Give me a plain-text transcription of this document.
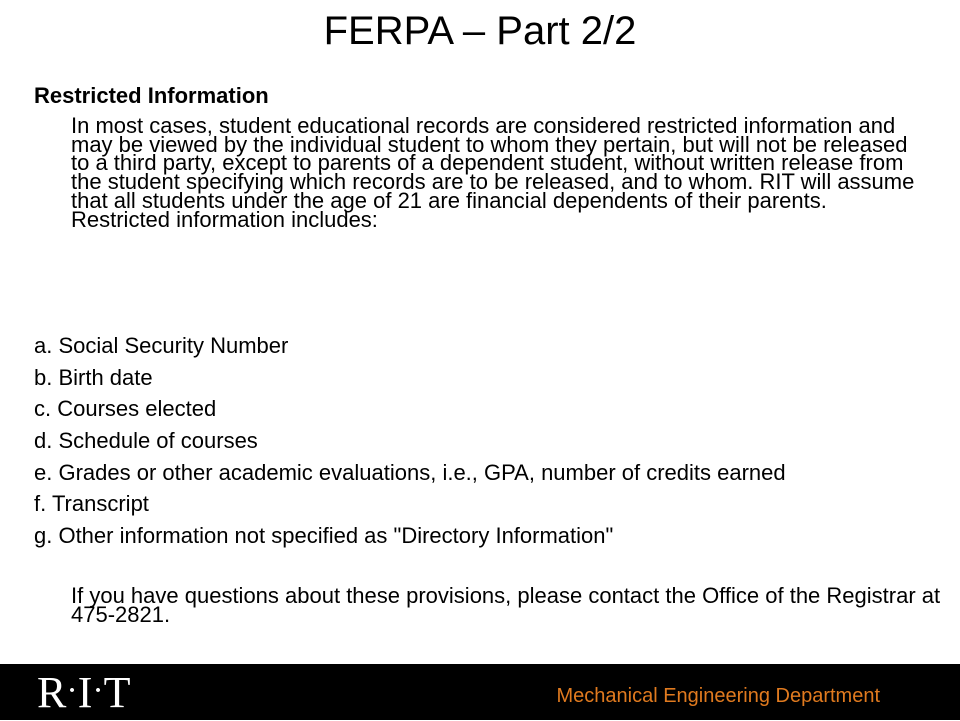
FERPA – Part 2/2
Restricted Information

In most cases, student educational records are considered restricted information and may be viewed by the individual student to whom they pertain, but will not be released to a third party, except to parents of a dependent student, without written release from the student specifying which records are to be released, and to whom. RIT will assume that all students under the age of 21 are financial dependents of their parents. Restricted information includes:

a. Social Security Number
b. Birth date
c. Courses elected
d. Schedule of courses
e. Grades or other academic evaluations, i.e., GPA, number of credits earned
f. Transcript
g. Other information not specified as "Directory Information"

If you have questions about these provisions, please contact the Office of the Registrar at 475-2821.

R·I·T	Mechanical Engineering Department
